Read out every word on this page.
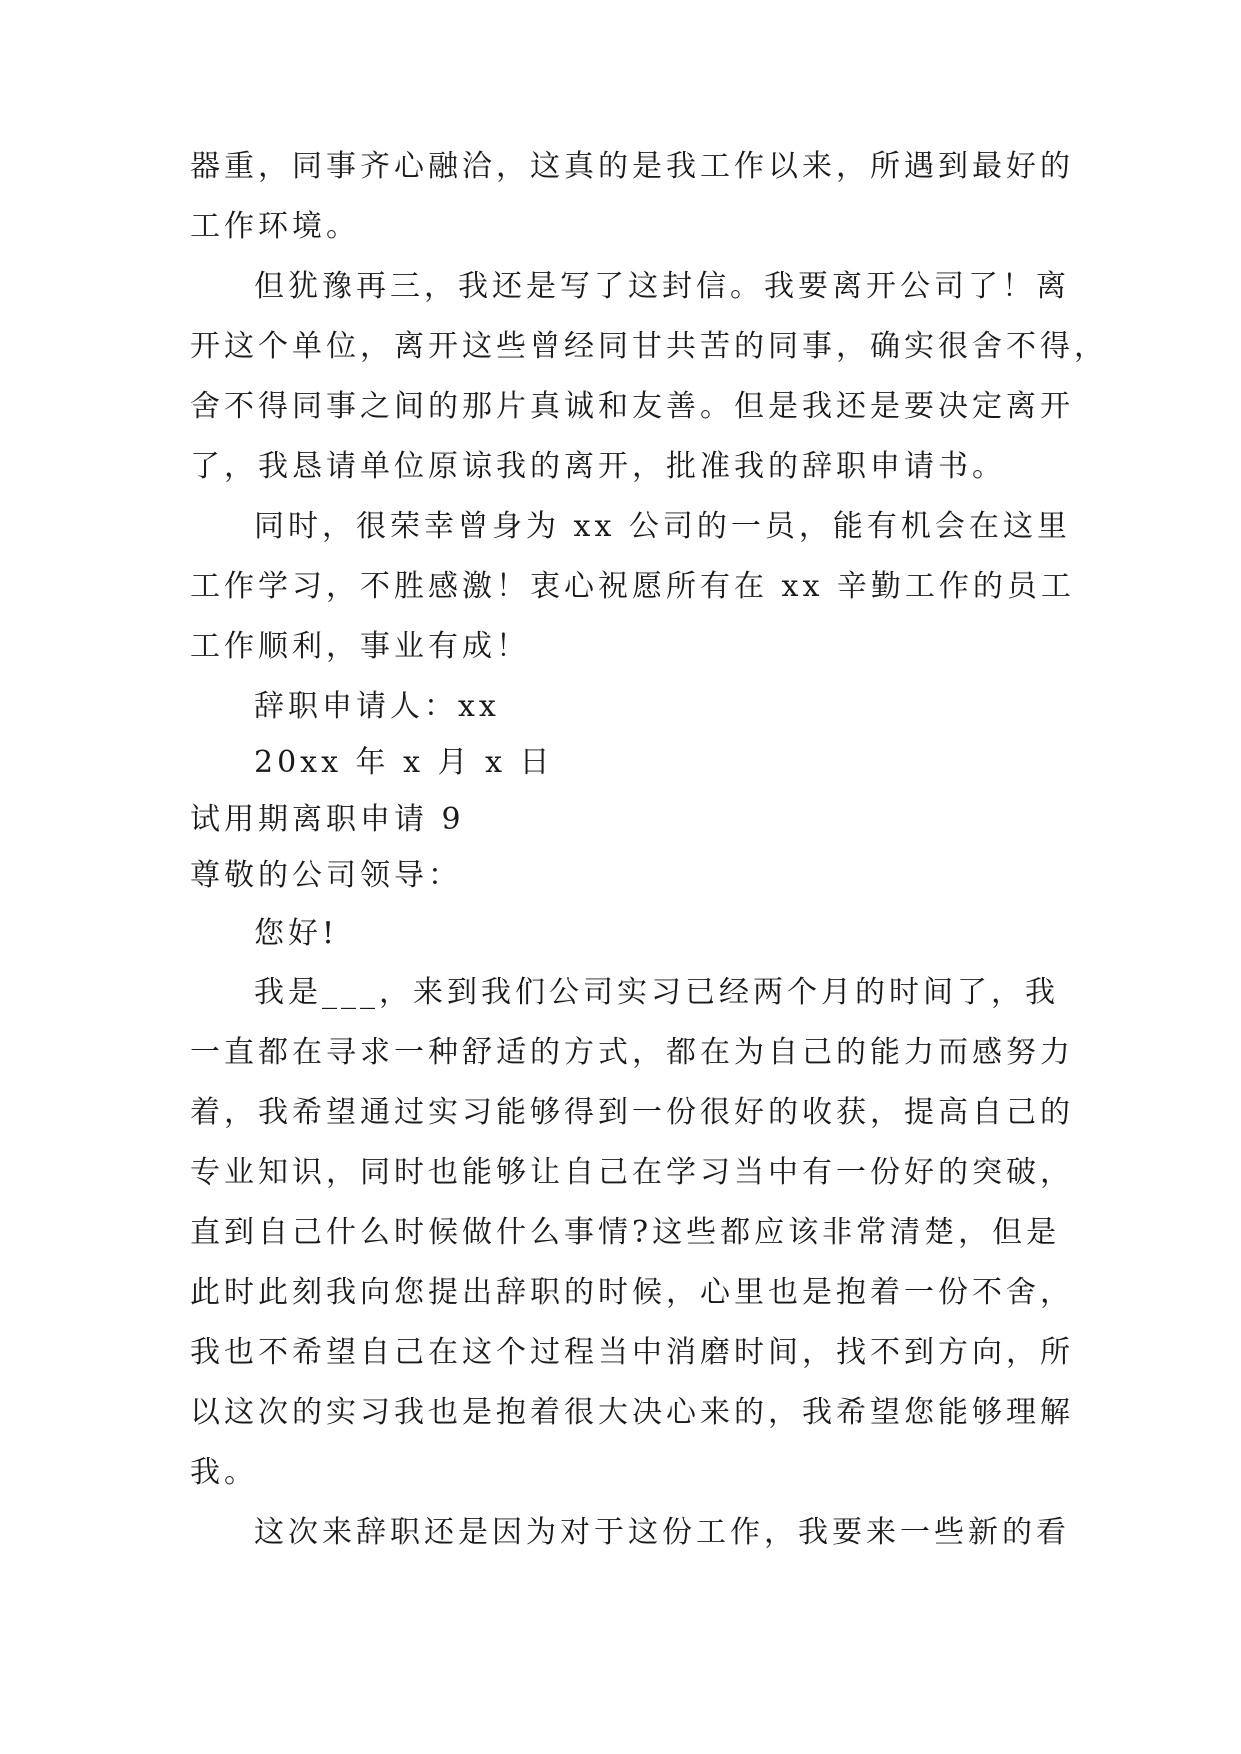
器重，同事齐心融洽，这真的是我工作以来，所遇到最好的
工作环境。
但犹豫再三，我还是写了这封信。我要离开公司了！离
开这个单位，离开这些曾经同甘共苦的同事，确实很舍不得，
舍不得同事之间的那片真诚和友善。但是我还是要决定离开
了，我恳请单位原谅我的离开，批准我的辞职申请书。
同时，很荣幸曾身为 xx 公司的一员，能有机会在这里
工作学习，不胜感激！衷心祝愿所有在 xx 辛勤工作的员工
工作顺利，事业有成！
辞职申请人：xx
20xx 年 x 月 x 日
试用期离职申请 9
尊敬的公司领导：
您好!
我是___，来到我们公司实习已经两个月的时间了，我
一直都在寻求一种舒适的方式，都在为自己的能力而感努力
着，我希望通过实习能够得到一份很好的收获，提高自己的
专业知识，同时也能够让自己在学习当中有一份好的突破，
直到自己什么时候做什么事情?这些都应该非常清楚，但是
此时此刻我向您提出辞职的时候，心里也是抱着一份不舍，
我也不希望自己在这个过程当中消磨时间，找不到方向，所
以这次的实习我也是抱着很大决心来的，我希望您能够理解
我。
这次来辞职还是因为对于这份工作，我要来一些新的看
